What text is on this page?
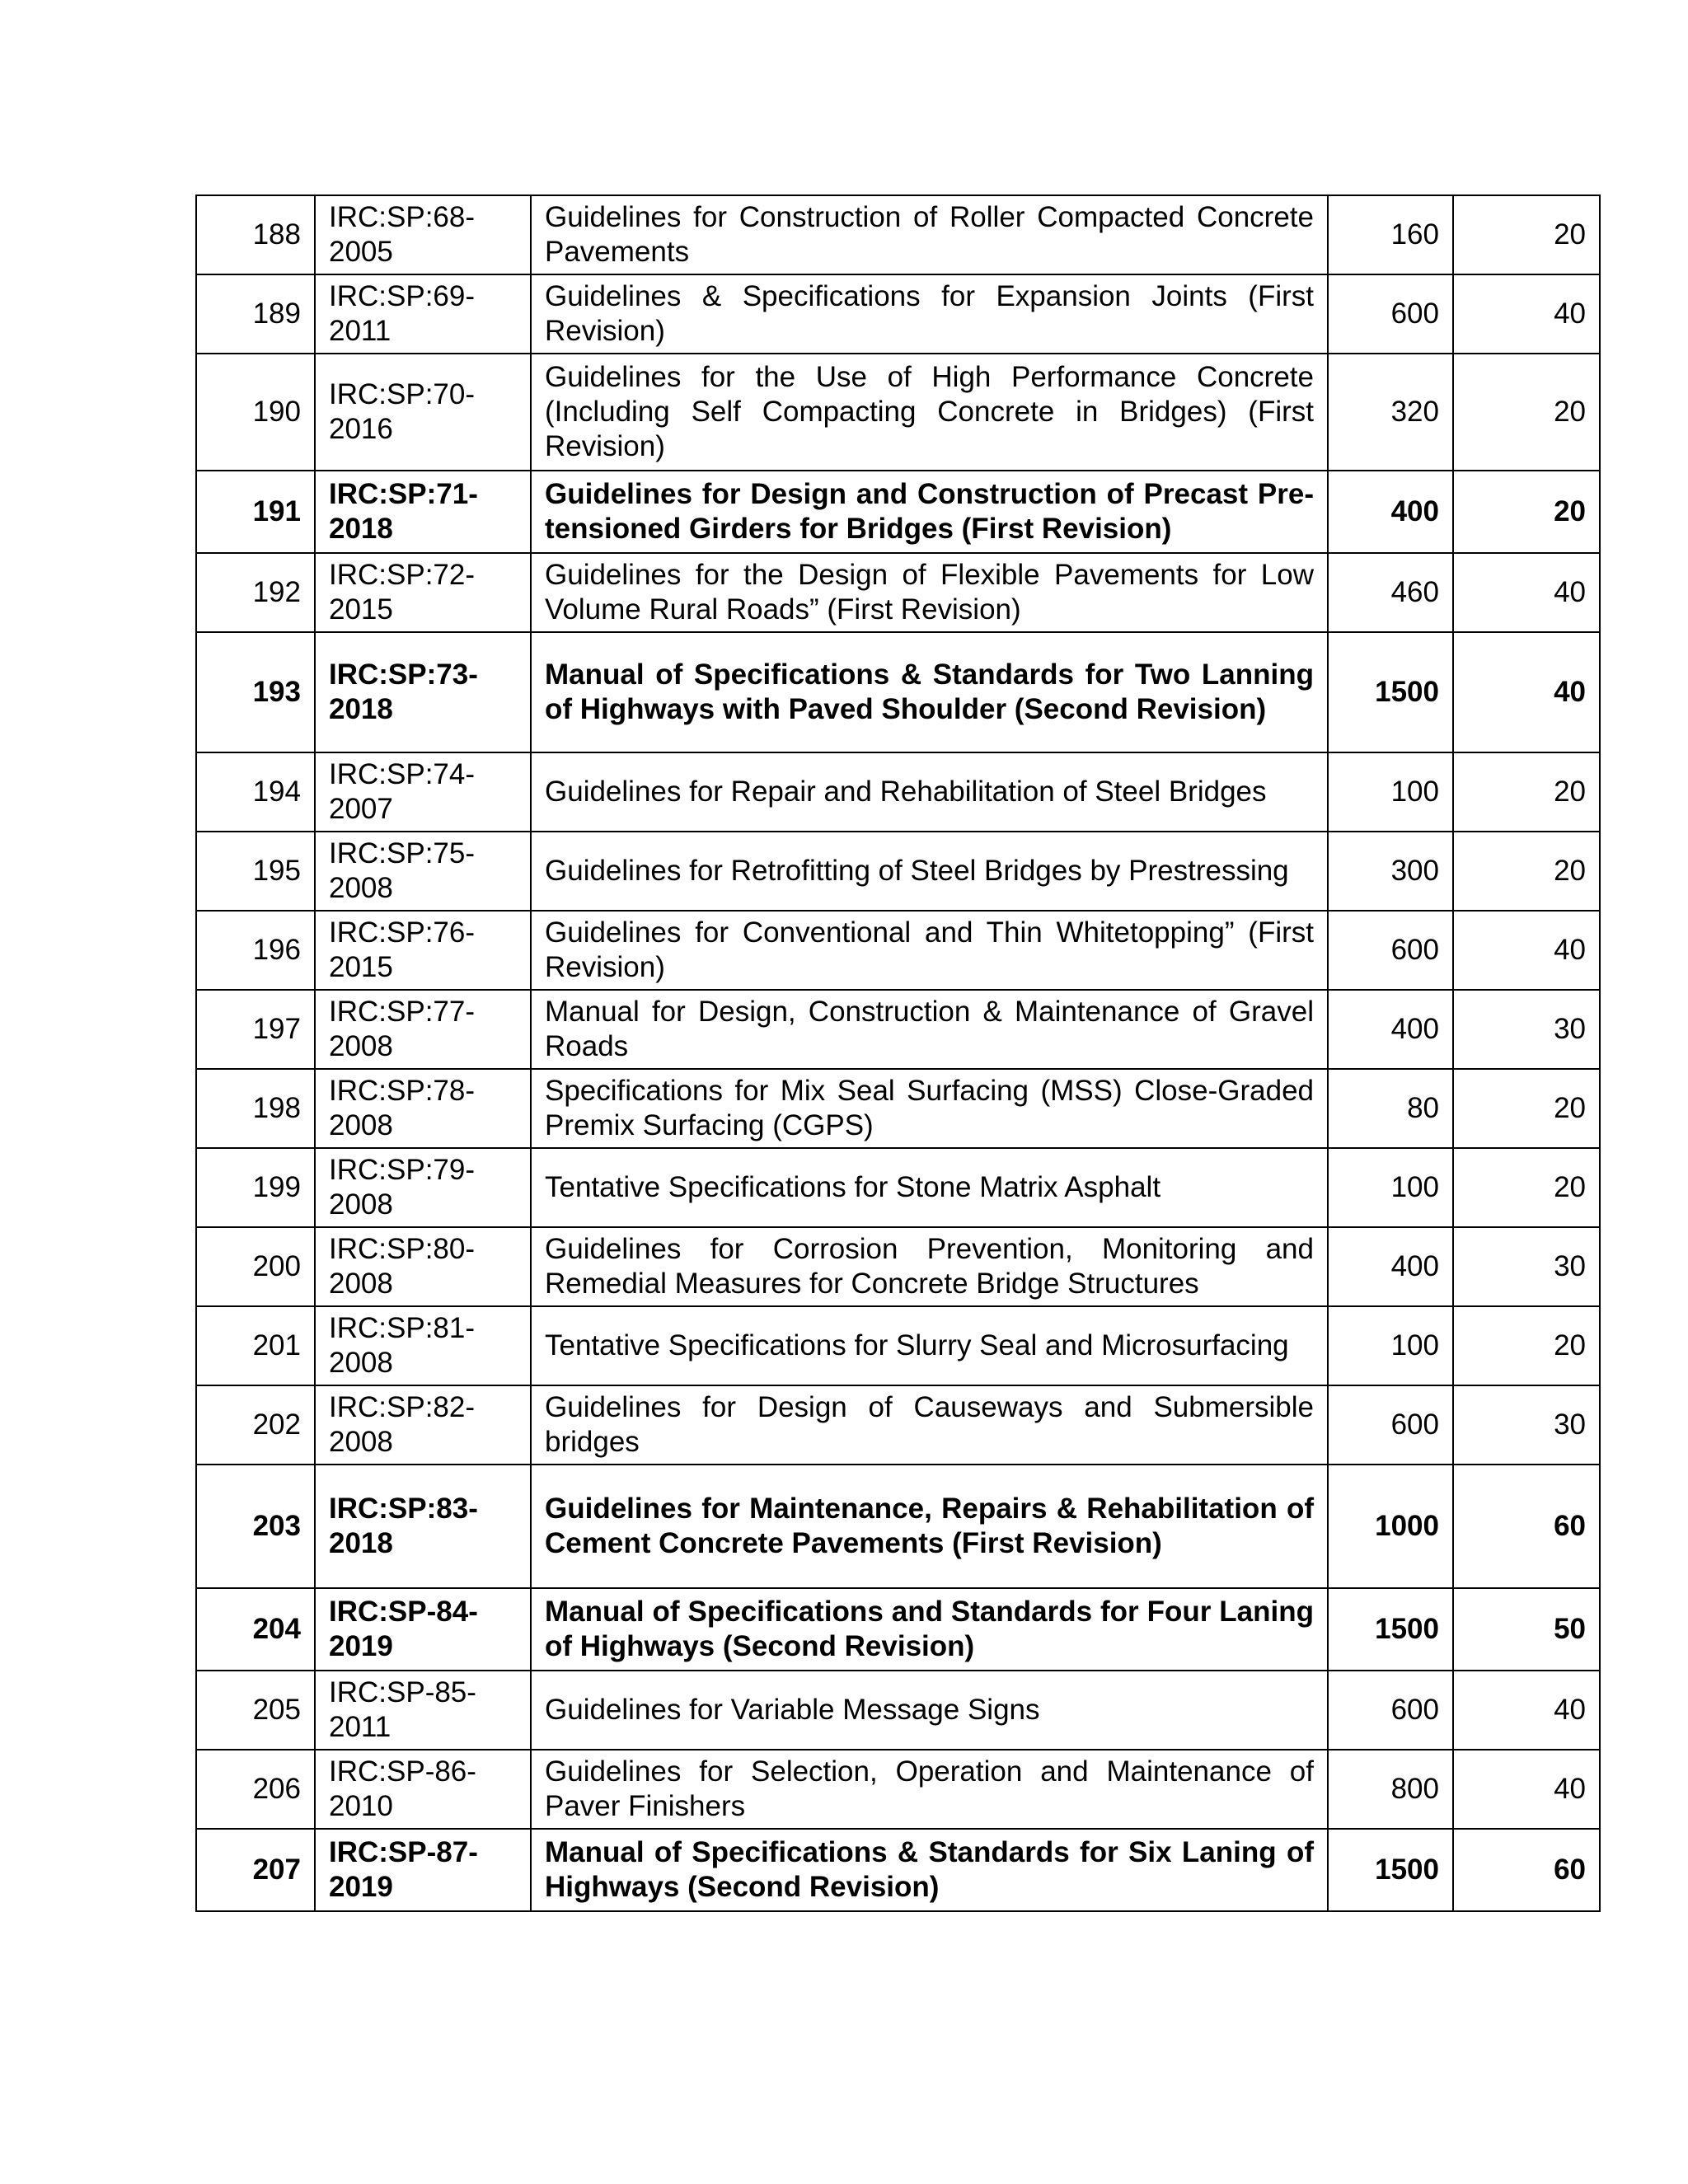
188	IRC:SP:68-2005	Guidelines for Construction of Roller Compacted Concrete Pavements	160	20
189	IRC:SP:69-2011	Guidelines & Specifications for Expansion Joints (First Revision)	600	40
190	IRC:SP:70-2016	Guidelines for the Use of High Performance Concrete (Including Self Compacting Concrete in Bridges) (First Revision)	320	20
191	IRC:SP:71-2018	Guidelines for Design and Construction of Precast Pre-tensioned Girders for Bridges (First Revision)	400	20
192	IRC:SP:72-2015	Guidelines for the Design of Flexible Pavements for Low Volume Rural Roads” (First Revision)	460	40
193	IRC:SP:73-2018	Manual of Specifications & Standards for Two Lanning of Highways with Paved Shoulder (Second Revision)	1500	40
194	IRC:SP:74-2007	Guidelines for Repair and Rehabilitation of Steel Bridges	100	20
195	IRC:SP:75-2008	Guidelines for Retrofitting of Steel Bridges by Prestressing	300	20
196	IRC:SP:76-2015	Guidelines for Conventional and Thin Whitetopping” (First Revision)	600	40
197	IRC:SP:77-2008	Manual for Design, Construction & Maintenance of Gravel Roads	400	30
198	IRC:SP:78-2008	Specifications for Mix Seal Surfacing (MSS) Close-Graded Premix Surfacing (CGPS)	80	20
199	IRC:SP:79-2008	Tentative Specifications for Stone Matrix Asphalt	100	20
200	IRC:SP:80-2008	Guidelines for Corrosion Prevention, Monitoring and Remedial Measures for Concrete Bridge Structures	400	30
201	IRC:SP:81-2008	Tentative Specifications for Slurry Seal and Microsurfacing	100	20
202	IRC:SP:82-2008	Guidelines for Design of Causeways and Submersible bridges	600	30
203	IRC:SP:83-2018	Guidelines for Maintenance, Repairs & Rehabilitation of Cement Concrete Pavements (First Revision)	1000	60
204	IRC:SP-84-2019	Manual of Specifications and Standards for Four Laning of Highways (Second Revision)	1500	50
205	IRC:SP-85-2011	Guidelines for Variable Message Signs	600	40
206	IRC:SP-86-2010	Guidelines for Selection, Operation and Maintenance of Paver Finishers	800	40
207	IRC:SP-87-2019	Manual of Specifications & Standards for Six Laning of Highways (Second Revision)	1500	60
